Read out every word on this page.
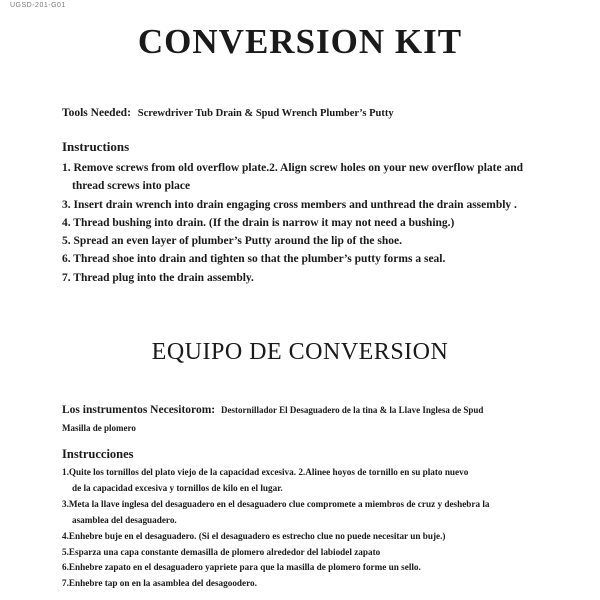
UGSD-201-G01
CONVERSION KIT
Tools Needed: Screwdriver Tub Drain & Spud Wrench Plumber’s Putty
Instructions
1. Remove screws from old overflow plate.2. Align screw holes on your new overflow plate and
thread screws into place
3. Insert drain wrench into drain engaging cross members and unthread the drain assembly .
4. Thread bushing into drain. (If the drain is narrow it may not need a bushing.)
5. Spread an even layer of plumber’s Putty around the lip of the shoe.
6. Thread shoe into drain and tighten so that the plumber’s putty forms a seal.
7. Thread plug into the drain assembly.
EQUIPO DE CONVERSION
Los instrumentos Necesitorom: Destornillador El Desaguadero de la tina & la Llave Inglesa de Spud
Masilla de plomero
Instrucciones
1.Quite los tornillos del plato viejo de la capacidad excesiva. 2.Alinee hoyos de tornillo en su plato nuevo
de la capacidad excesiva y tornillos de kilo en el lugar.
3.Meta la llave inglesa del desaguadero en el desaguadero clue compromete a miembros de cruz y deshebra la
asamblea del desaguadero.
4.Enhebre buje en el desaguadero. (Si el desaguadero es estrecho clue no puede necesitar un buje.)
5.Esparza una capa constante demasilla de plomero alrededor del labiodel zapato
6.Enhebre zapato en el desaguadero yapriete para que la masilla de plomero forme un sello.
7.Enhebre tap on en la asamblea del desagoodero.
